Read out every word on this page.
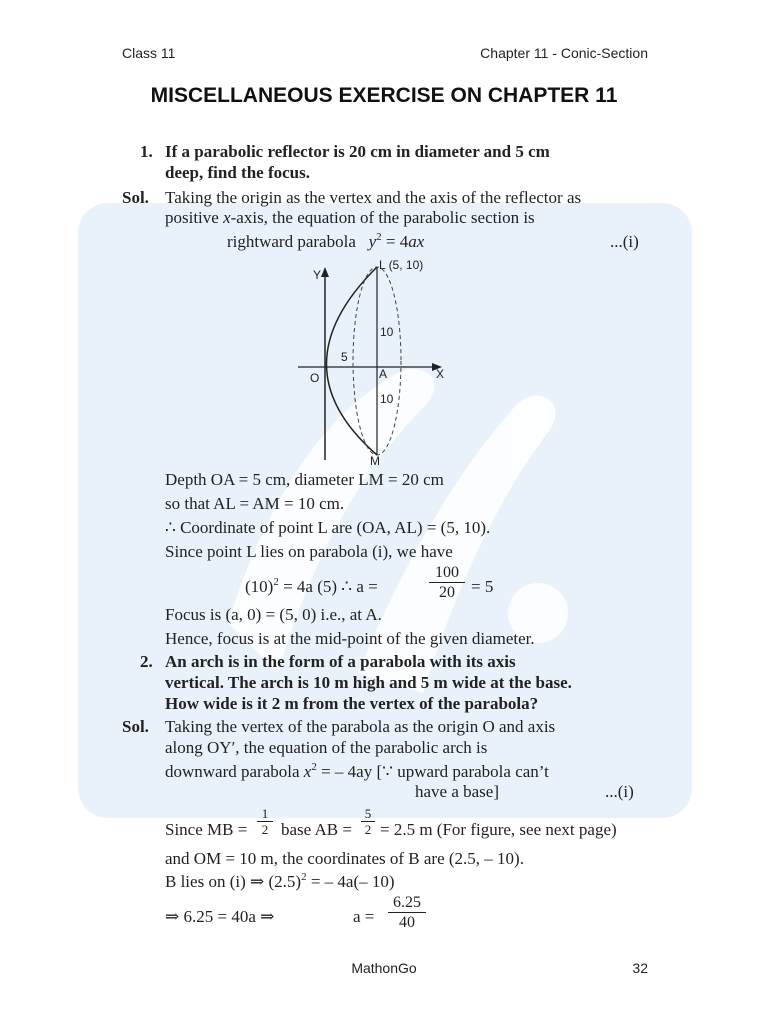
Class 11	Chapter 11 - Conic-Section
MISCELLANEOUS EXERCISE ON CHAPTER 11
1. If a parabolic reflector is 20 cm in diameter and 5 cm
deep, find the focus.
Sol. Taking the origin as the vertex and the axis of the reflector as
positive x-axis, the equation of the parabolic section is
rightward parabola $y^2 = 4ax$	...(i)
Y
X
O	A
L (5, 10)
M
10
10
5
Depth OA = 5 cm, diameter LM = 20 cm
so that AL = AM = 10 cm.
∴ Coordinate of point L are (OA, AL) = (5, 10).
Since point L lies on parabola (i), we have
$(10)^2 = 4a$ (5) ∴ a =	$\frac{100}{20} = 5$
Focus is (a, 0) = (5, 0) i.e., at A.
Hence, focus is at the mid-point of the given diameter.
2. An arch is in the form of a parabola with its axis
vertical. The arch is 10 m high and 5 m wide at the base.
How wide is it 2 m from the vertex of the parabola?
Sol. Taking the vertex of the parabola as the origin O and axis
along OY′, the equation of the parabolic arch is
downward parabola $x^2$ = – 4ay [∵ upward parabola can’t
have a base]	...(i)
Since MB = $\frac{1}{2}$ base AB = $\frac{5}{2} = 2.5$ m (For figure, see next page)
and OM = 10 m, the coordinates of B are (2.5, – 10).
B lies on (i) ⇒ $(2.5)^2$ = – 4a(– 10)
⇒ 6.25 = 40a ⇒	$a = \frac{6.25}{40}$
MathonGo	32
